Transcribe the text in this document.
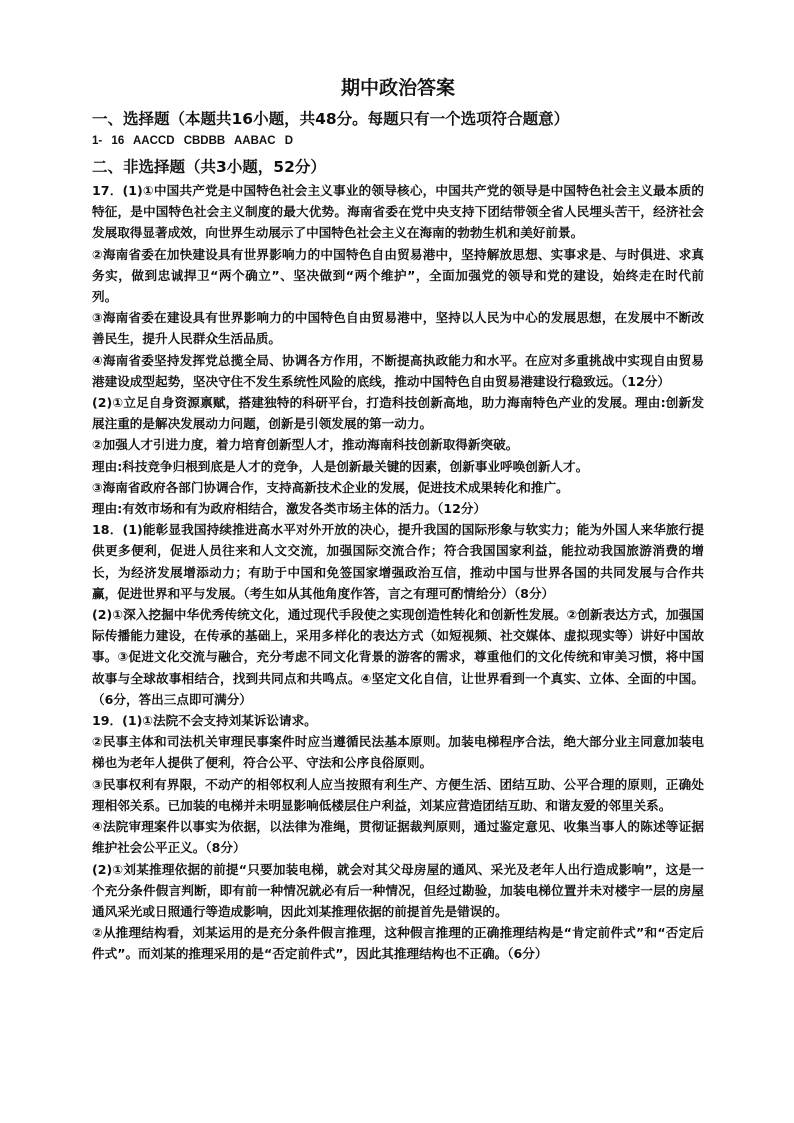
期中政治答案
一、选择题（本题共16小题，共48分。每题只有一个选项符合题意）
1- 16 AACCD CBDBB AABAC D
二、非选择题（共3小题，52分）
17．(1)①中国共产党是中国特色社会主义事业的领导核心，中国共产党的领导是中国特色社会主义最本质的特征，是中国特色社会主义制度的最大优势。海南省委在党中央支持下团结带领全省人民埋头苦干，经济社会发展取得显著成效，向世界生动展示了中国特色社会主义在海南的勃勃生机和美好前景。
②海南省委在加快建设具有世界影响力的中国特色自由贸易港中，坚持解放思想、实事求是、与时俱进、求真务实，做到忠诚捍卫“两个确立”、坚决做到“两个维护”，全面加强党的领导和党的建设，始终走在时代前列。
③海南省委在建设具有世界影响力的中国特色自由贸易港中，坚持以人民为中心的发展思想，在发展中不断改善民生，提升人民群众生活品质。
④海南省委坚持发挥党总揽全局、协调各方作用，不断提高执政能力和水平。在应对多重挑战中实现自由贸易港建设成型起势，坚决守住不发生系统性风险的底线，推动中国特色自由贸易港建设行稳致远。（12分）
(2)①立足自身资源禀赋，搭建独特的科研平台，打造科技创新高地，助力海南特色产业的发展。理由:创新发展注重的是解决发展动力问题，创新是引领发展的第一动力。
②加强人才引进力度，着力培育创新型人才，推动海南科技创新取得新突破。
理由:科技竞争归根到底是人才的竞争，人是创新最关键的因素，创新事业呼唤创新人才。
③海南省政府各部门协调合作，支持高新技术企业的发展，促进技术成果转化和推广。
理由:有效市场和有为政府相结合，激发各类市场主体的活力。（12分）
18．(1)能彰显我国持续推进高水平对外开放的决心，提升我国的国际形象与软实力；能为外国人来华旅行提供更多便利，促进人员往来和人文交流，加强国际交流合作；符合我国国家利益，能拉动我国旅游消费的增长，为经济发展增添动力；有助于中国和免签国家增强政治互信，推动中国与世界各国的共同发展与合作共赢，促进世界和平与发展。（考生如从其他角度作答，言之有理可酌情给分）（8分）
(2)①深入挖掘中华优秀传统文化，通过现代手段使之实现创造性转化和创新性发展。②创新表达方式，加强国际传播能力建设，在传承的基础上，采用多样化的表达方式（如短视频、社交媒体、虚拟现实等）讲好中国故事。③促进文化交流与融合，充分考虑不同文化背景的游客的需求，尊重他们的文化传统和审美习惯，将中国故事与全球故事相结合，找到共同点和共鸣点。④坚定文化自信，让世界看到一个真实、立体、全面的中国。（6分，答出三点即可满分）
19．(1)①法院不会支持刘某诉讼请求。
②民事主体和司法机关审理民事案件时应当遵循民法基本原则。加装电梯程序合法，绝大部分业主同意加装电梯也为老年人提供了便利，符合公平、守法和公序良俗原则。
③民事权利有界限，不动产的相邻权利人应当按照有利生产、方便生活、团结互助、公平合理的原则，正确处理相邻关系。已加装的电梯并未明显影响低楼层住户利益，刘某应营造团结互助、和谐友爱的邻里关系。
④法院审理案件以事实为依据，以法律为准绳，贯彻证据裁判原则，通过鉴定意见、收集当事人的陈述等证据维护社会公平正义。（8分）
(2)①刘某推理依据的前提“只要加装电梯，就会对其父母房屋的通风、采光及老年人出行造成影响”，这是一个充分条件假言判断，即有前一种情况就必有后一种情况，但经过勘验，加装电梯位置并未对楼宇一层的房屋通风采光或日照通行等造成影响，因此刘某推理依据的前提首先是错误的。
②从推理结构看，刘某运用的是充分条件假言推理，这种假言推理的正确推理结构是“肯定前件式”和“否定后件式”。而刘某的推理采用的是“否定前件式”，因此其推理结构也不正确。（6分）
